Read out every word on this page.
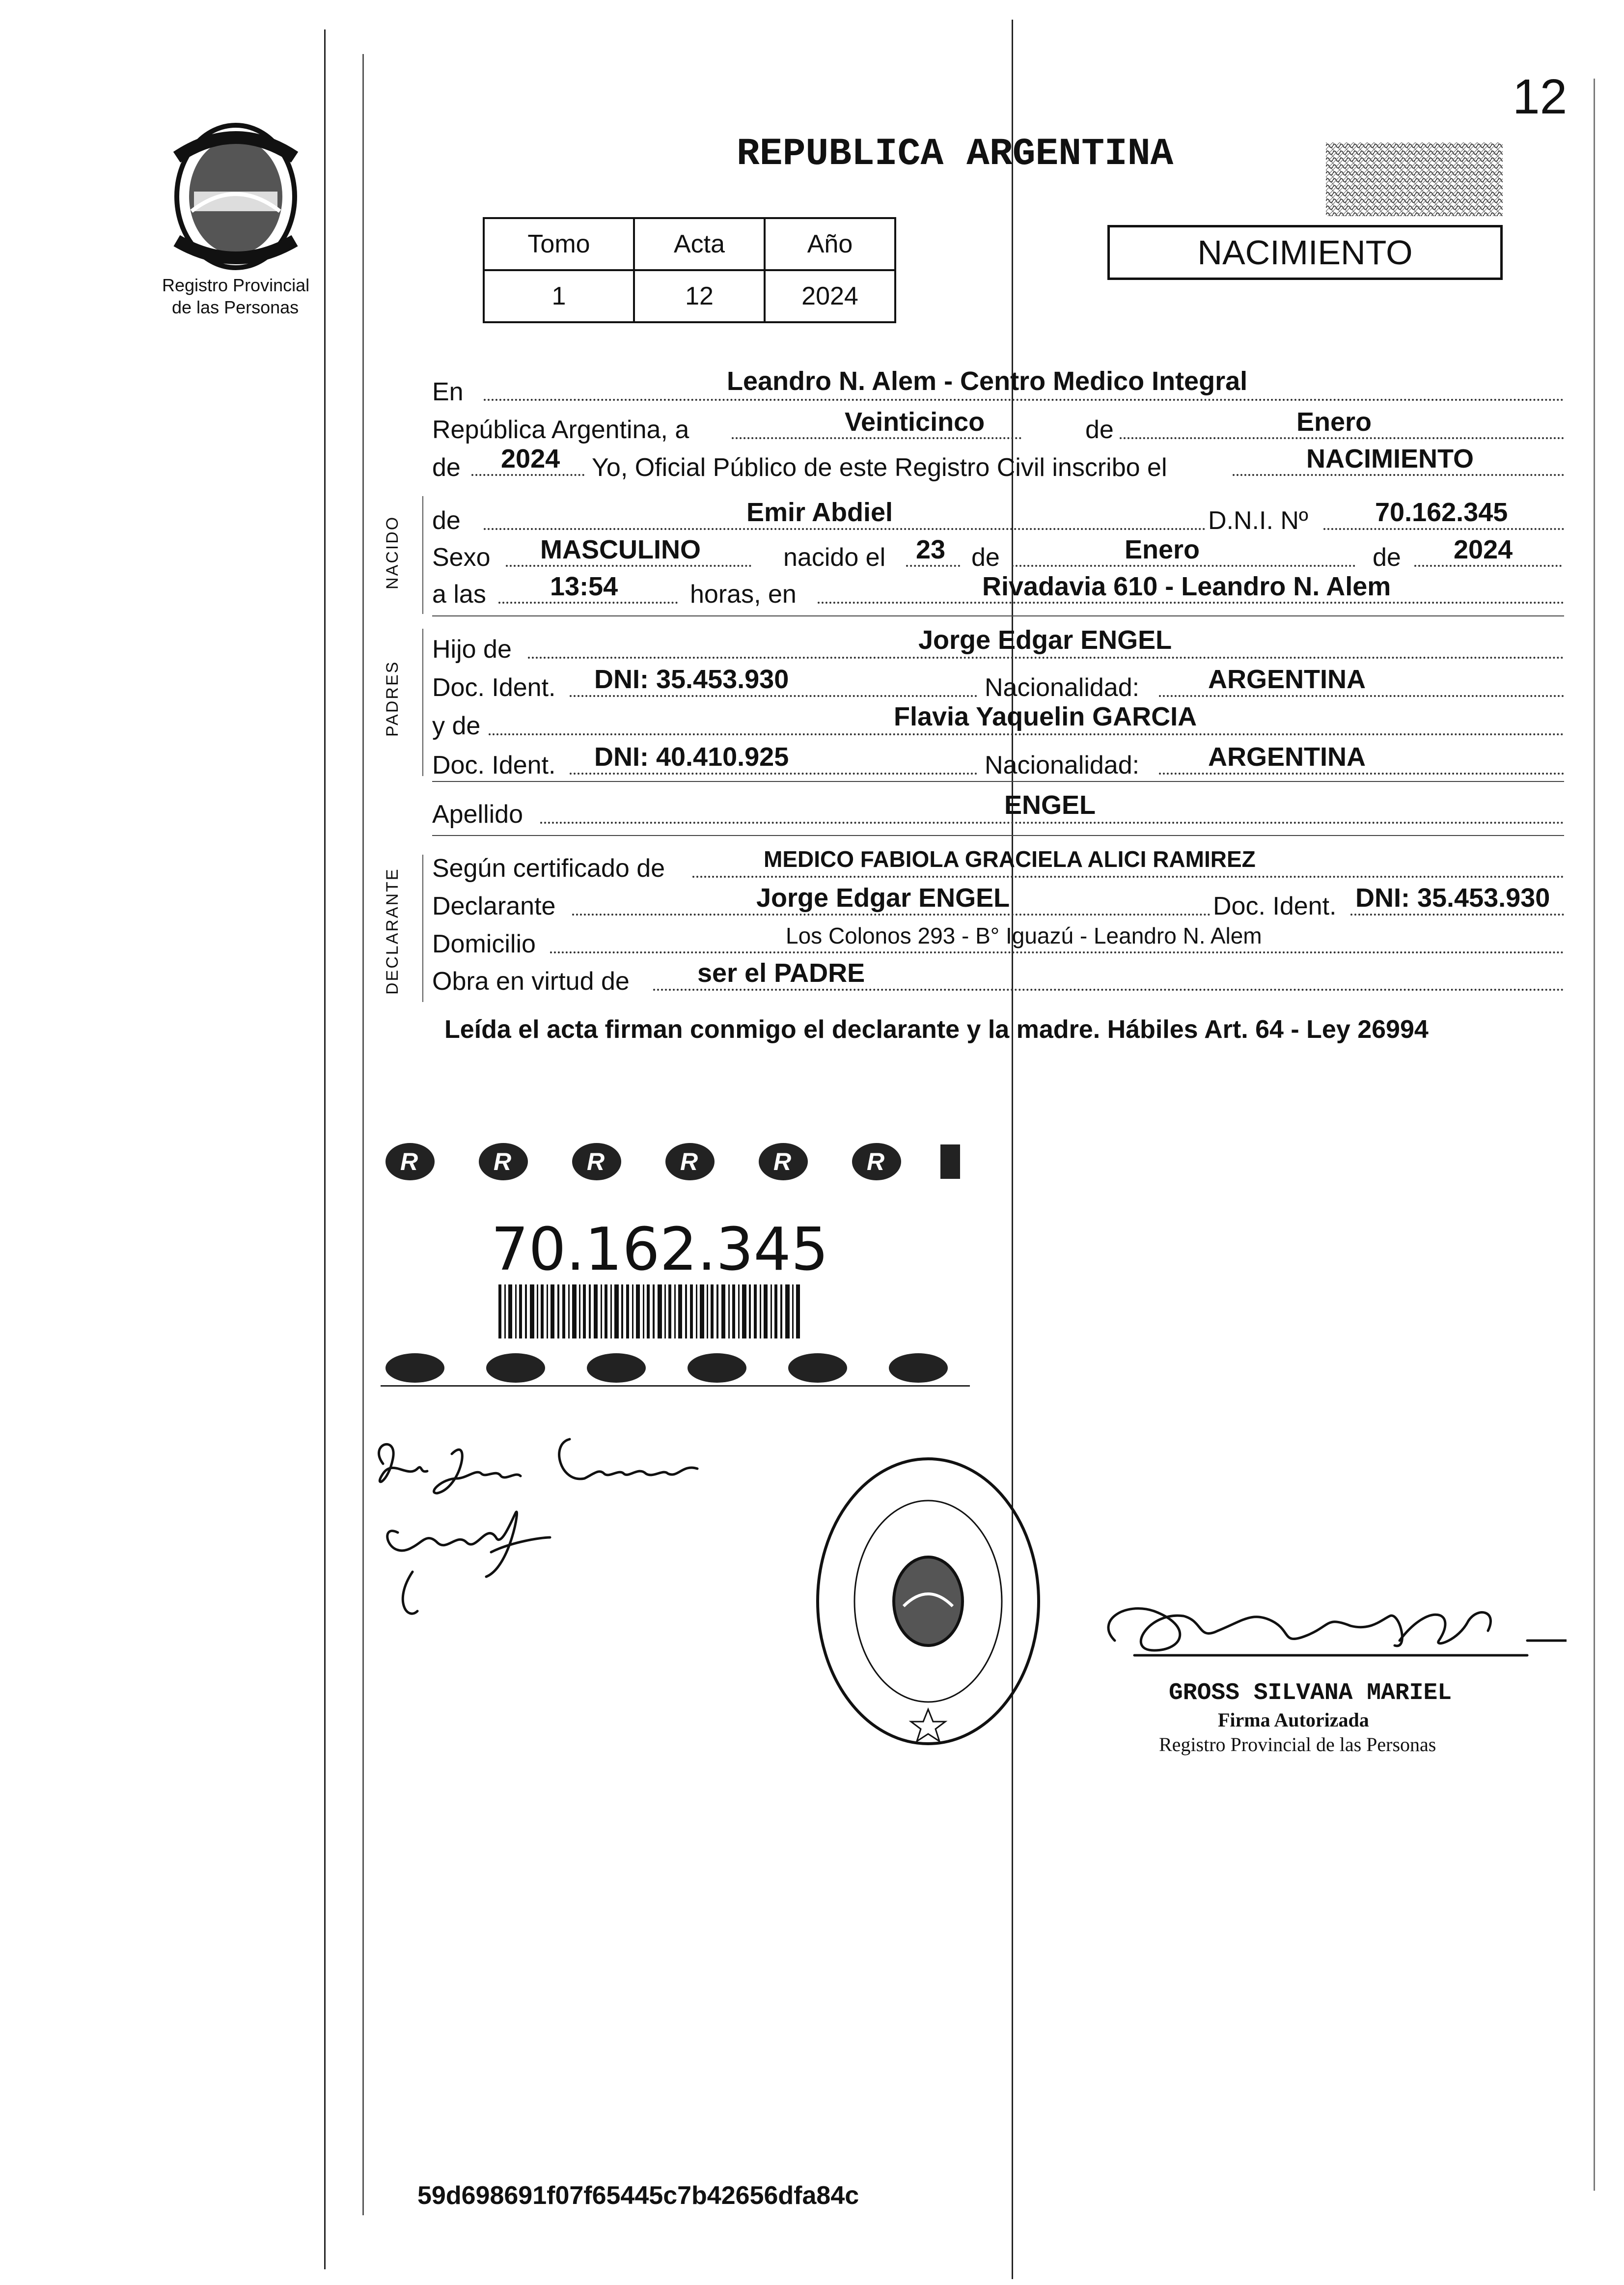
Registro Provincial
de las Personas
12
REPUBLICA ARGENTINA
Tomo	Acta	Año
1	12	2024
NACIMIENTO
En	Leandro N. Alem - Centro Medico Integral
República Argentina, a	Veinticinco	de	Enero
de 2024 Yo, Oficial Público de este Registro Civil inscribo el	NACIMIENTO
NACIDO de	Emir Abdiel	D.N.I. Nº	70.162.345
Sexo MASCULINO	nacido el 23 de	Enero	de 2024
a las 13:54	horas, en	Rivadavia 610 - Leandro N. Alem
PADRES
Hijo de	Jorge Edgar ENGEL
Doc. Ident. DNI: 35.453.930	Nacionalidad:	ARGENTINA
y de	Flavia Yaquelin GARCIA
Doc. Ident. DNI: 40.410.925	Nacionalidad:	ARGENTINA
Apellido	ENGEL
DECLARANTE Según certificado de	MEDICO FABIOLA GRACIELA ALICI RAMIREZ
Declarante	Jorge Edgar ENGEL	Doc. Ident. DNI: 35.453.930
Domicilio	Los Colonos 293 - B° Iguazú - Leandro N. Alem
Obra en virtud de	ser el PADRE
Leída el acta firman conmigo el declarante y la madre. Hábiles Art. 64 - Ley 26994
R	R	R	R	R	R
70.162.345
GROSS SILVANA MARIEL
Firma Autorizada
Registro Provincial de las Personas
59d698691f07f65445c7b42656dfa84c
